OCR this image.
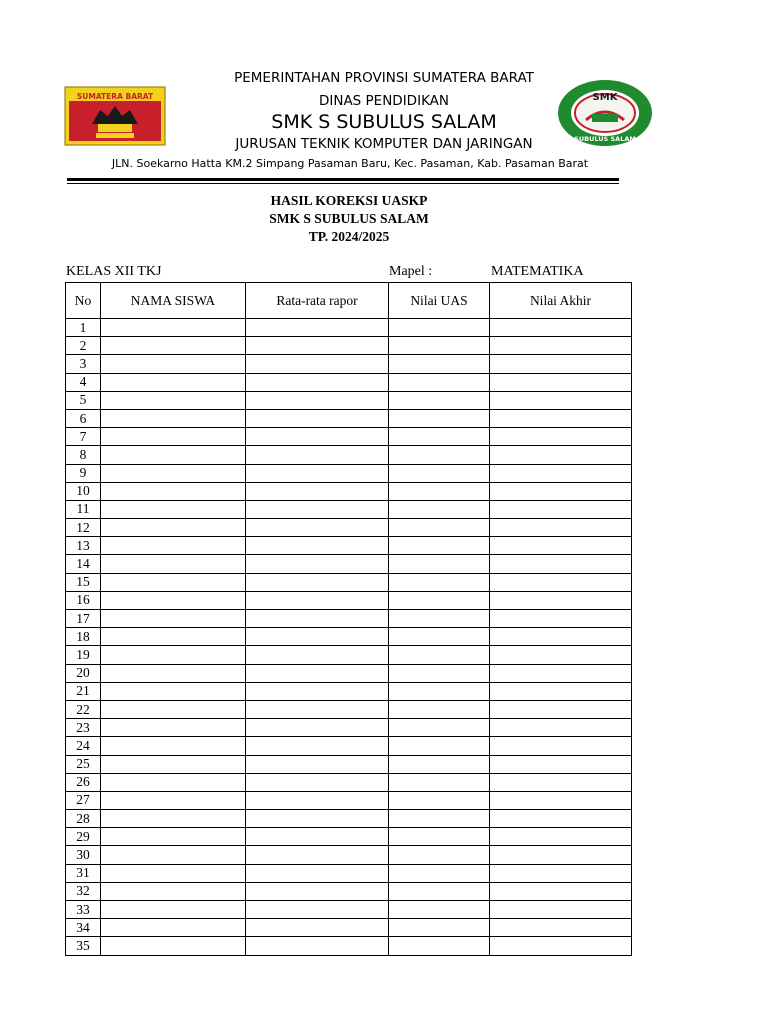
SUMATERA BARAT	SMK
SUBULUS SALAM
PEMERINTAHAN PROVINSI SUMATERA BARAT
DINAS PENDIDIKAN
SMK S SUBULUS SALAM
JURUSAN TEKNIK KOMPUTER DAN JARINGAN
JLN. Soekarno Hatta KM.2 Simpang Pasaman Baru, Kec. Pasaman, Kab. Pasaman Barat
HASIL KOREKSI UASKP
SMK S SUBULUS SALAM
TP. 2024/2025
KELAS XII TKJ	Mapel :	MATEMATIKA
No	NAMA SISWA	Rata-rata rapor	Nilai UAS	Nilai Akhir
1				
2				
3				
4				
5				
6				
7				
8				
9				
10				
11				
12				
13				
14				
15				
16				
17				
18				
19				
20				
21				
22				
23				
24				
25				
26				
27				
28				
29				
30				
31				
32				
33				
34				
35				
